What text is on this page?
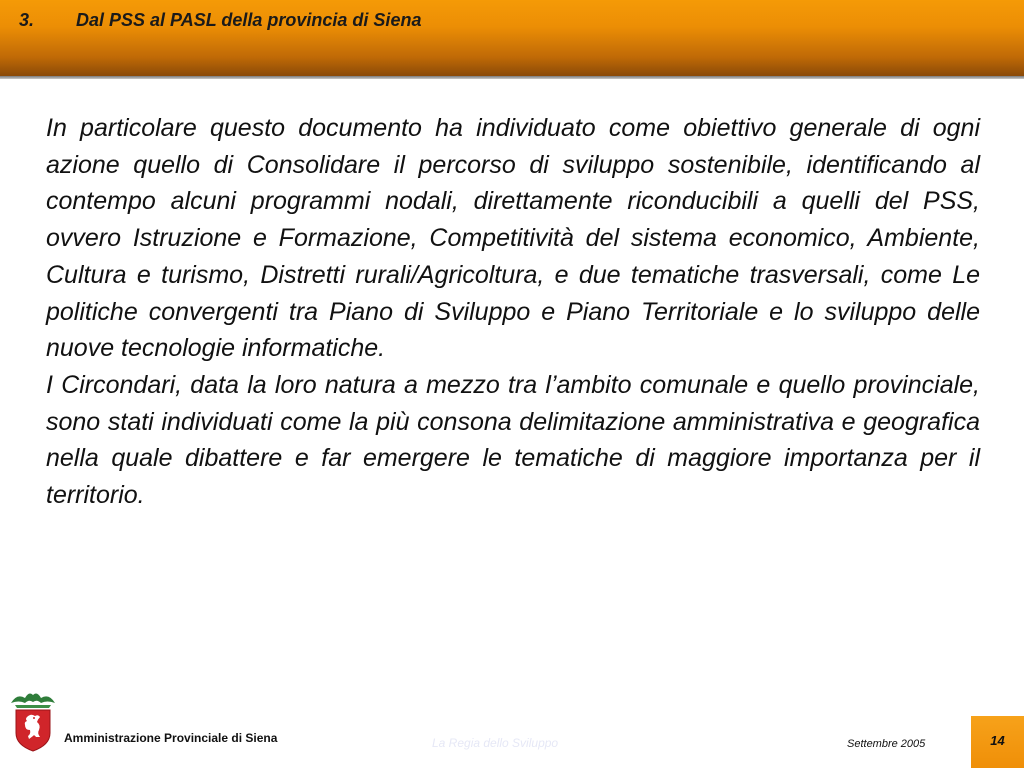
3.	Dal PSS al PASL della provincia di Siena

In particolare questo documento ha individuato come obiettivo generale di ogni azione quello di Consolidare il percorso di sviluppo sostenibile, identificando al contempo alcuni programmi nodali, direttamente riconducibili a quelli del PSS, ovvero Istruzione e Formazione, Competitività del sistema economico, Ambiente, Cultura e turismo, Distretti rurali/Agricoltura, e due tematiche trasversali, come Le politiche convergenti tra Piano di Sviluppo e Piano Territoriale e lo sviluppo delle nuove tecnologie informatiche.

I Circondari, data la loro natura a mezzo tra l’ambito comunale e quello provinciale, sono stati individuati come la più consona delimitazione amministrativa e geografica nella quale dibattere e far emergere le tematiche di maggiore importanza per il territorio.

Amministrazione Provinciale di Siena	La Regia dello Sviluppo	Settembre 2005	14
